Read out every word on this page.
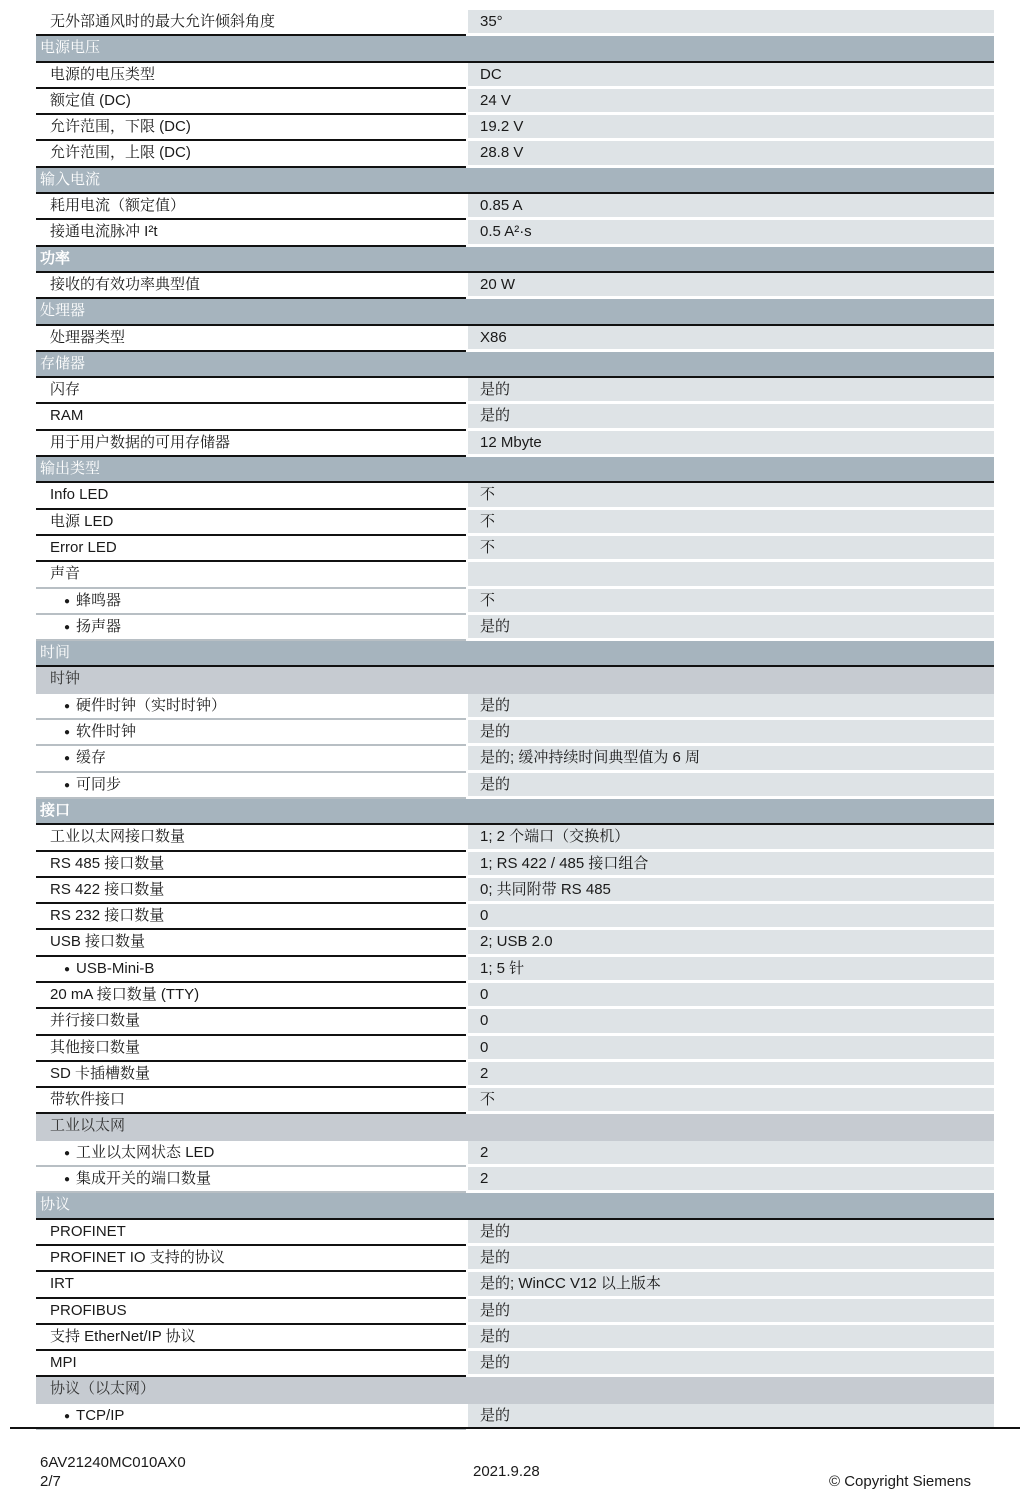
无外部通风时的最大允许倾斜角度	35°
电源电压
电源的电压类型	DC
额定值 (DC)	24 V
允许范围，下限 (DC)	19.2 V
允许范围，上限 (DC)	28.8 V
输入电流
耗用电流（额定值）	0.85 A
接通电流脉冲 I²t	0.5 A²·s
功率
接收的有效功率典型值	20 W
处理器
处理器类型	X86
存储器
闪存	是的
RAM	是的
用于用户数据的可用存储器	12 Mbyte
输出类型
Info LED	不
电源 LED	不
Error LED	不
声音
● 蜂鸣器	不
● 扬声器	是的
时间
时钟
● 硬件时钟（实时时钟）	是的
● 软件时钟	是的
● 缓存	是的; 缓冲持续时间典型值为 6 周
● 可同步	是的
接口
工业以太网接口数量	1; 2 个端口（交换机）
RS 485 接口数量	1; RS 422 / 485 接口组合
RS 422 接口数量	0; 共同附带 RS 485
RS 232 接口数量	0
USB 接口数量	2; USB 2.0
● USB-Mini-B	1; 5 针
20 mA 接口数量 (TTY)	0
并行接口数量	0
其他接口数量	0
SD 卡插槽数量	2
带软件接口	不
工业以太网
● 工业以太网状态 LED	2
● 集成开关的端口数量	2
协议
PROFINET	是的
PROFINET IO 支持的协议	是的
IRT	是的; WinCC V12 以上版本
PROFIBUS	是的
支持 EtherNet/IP 协议	是的
MPI	是的
协议（以太网）
● TCP/IP	是的
6AV21240MC010AX0
2/7
2021.9.28
© Copyright Siemens
